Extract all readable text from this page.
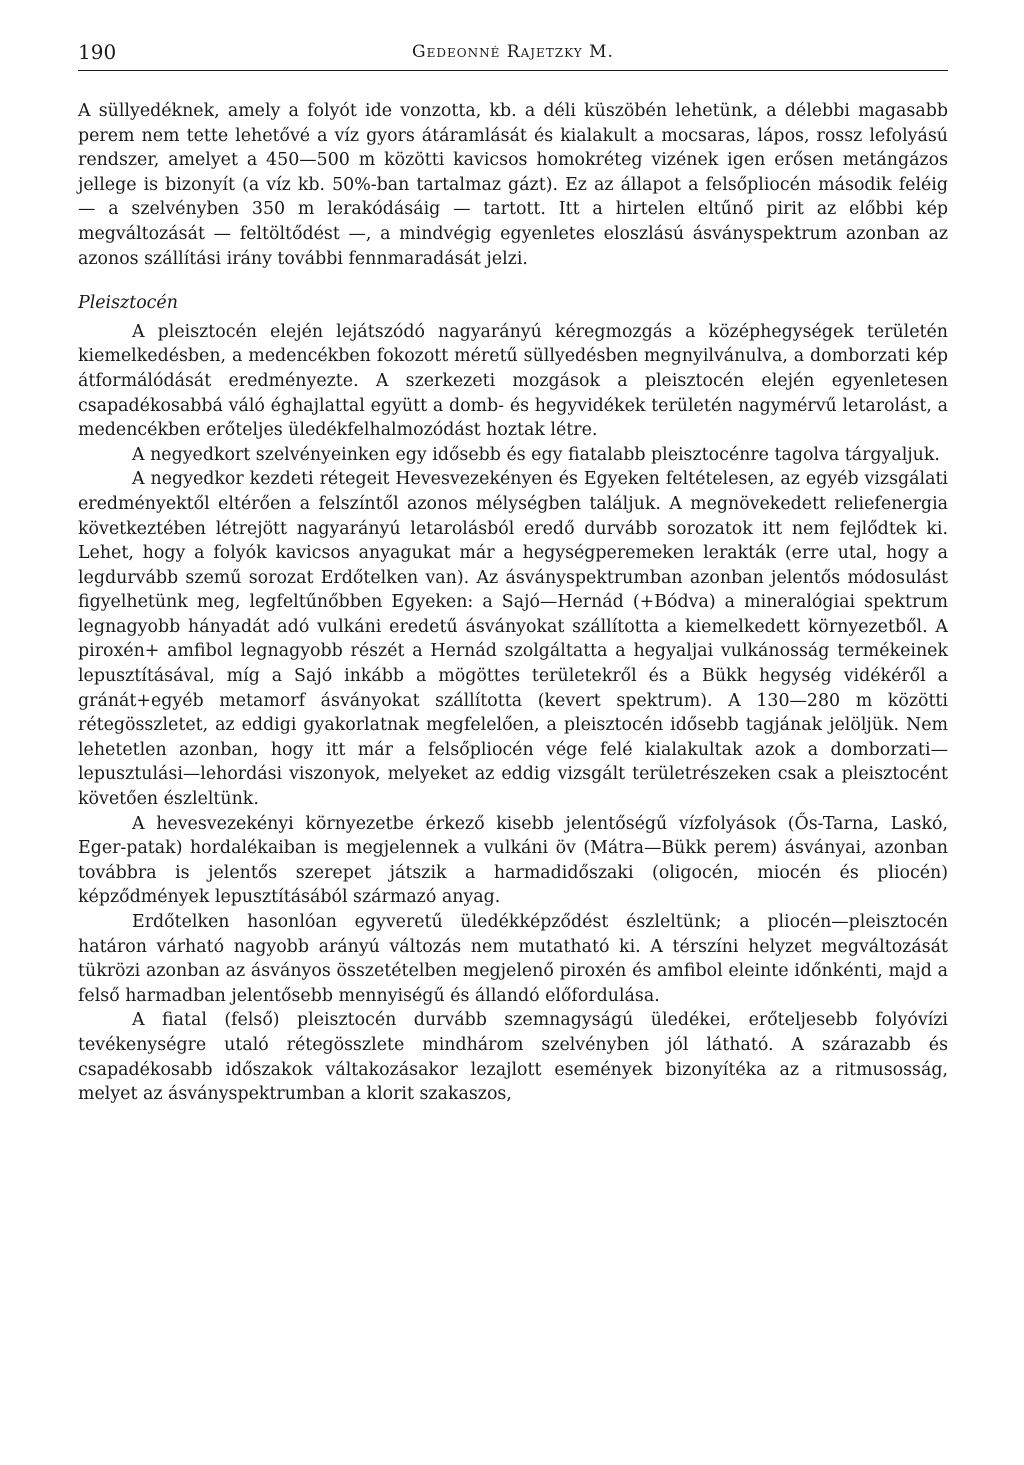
190	Gedeonné Rajetzky M.

A süllyedéknek, amely a folyót ide vonzotta, kb. a déli küszöbén lehetünk, a délebbi magasabb perem nem tette lehetővé a víz gyors átáramlását és kialakult a mocsaras, lápos, rossz lefolyású rendszer, amelyet a 450—500 m közötti kavicsos homokréteg vizének igen erősen metángázos jellege is bizonyít (a víz kb. 50%-ban tartalmaz gázt). Ez az állapot a felsőpliocén második feléig — a szelvényben 350 m lerakódásáig — tartott. Itt a hirtelen eltűnő pirit az előbbi kép megváltozását — feltöltődést —, a mindvégig egyenletes eloszlású ásványspektrum azonban az azonos szállítási irány további fennmaradását jelzi.

Pleisztocén

A pleisztocén elején lejátszódó nagyarányú kéregmozgás a középhegységek területén kiemelkedésben, a medencékben fokozott méretű süllyedésben megnyilvánulva, a domborzati kép átformálódását eredményezte. A szerkezeti mozgások a pleisztocén elején egyenletesen csapadékosabbá váló éghajlattal együtt a domb- és hegyvidékek területén nagymérvű letarolást, a medencékben erőteljes üledékfelhalmozódást hoztak létre.

A negyedkort szelvényeinken egy idősebb és egy fiatalabb pleisztocénre tagolva tárgyaljuk.

A negyedkor kezdeti rétegeit Hevesvezekényen és Egyeken feltételesen, az egyéb vizsgálati eredményektől eltérően a felszíntől azonos mélységben találjuk. A megnövekedett reliefenergia következtében létrejött nagyarányú letarolásból eredő durvább sorozatok itt nem fejlődtek ki. Lehet, hogy a folyók kavicsos anyagukat már a hegységperemeken lerakták (erre utal, hogy a legdurvább szemű sorozat Erdőtelken van). Az ásványspektrumban azonban jelentős módosulást figyelhetünk meg, legfeltűnőbben Egyeken: a Sajó—Hernád (+Bódva) a mineralógiai spektrum legnagyobb hányadát adó vulkáni eredetű ásványokat szállította a kiemelkedett környezetből. A piroxén+ amfibol legnagyobb részét a Hernád szolgáltatta a hegyaljai vulkánosság termékeinek lepusztításával, míg a Sajó inkább a mögöttes területekről és a Bükk hegység vidékéről a gránát+egyéb metamorf ásványokat szállította (kevert spektrum). A 130—280 m közötti rétegösszletet, az eddigi gyakorlatnak megfelelően, a pleisztocén idősebb tagjának jelöljük. Nem lehetetlen azonban, hogy itt már a felsőpliocén vége felé kialakultak azok a domborzati—lepusztulási—lehordási viszonyok, melyeket az eddig vizsgált területrészeken csak a pleisztocént követően észleltünk.

A hevesvezekényi környezetbe érkező kisebb jelentőségű vízfolyások (Ős-Tarna, Laskó, Eger-patak) hordalékaiban is megjelennek a vulkáni öv (Mátra—Bükk perem) ásványai, azonban továbbra is jelentős szerepet játszik a harmadidőszaki (oligocén, miocén és pliocén) képződmények lepusztításából származó anyag.

Erdőtelken hasonlóan egyveretű üledékképződést észleltünk; a pliocén—pleisztocén határon várható nagyobb arányú változás nem mutatható ki. A térszíni helyzet megváltozását tükrözi azonban az ásványos összetételben megjelenő piroxén és amfibol eleinte időnkénti, majd a felső harmadban jelentősebb mennyiségű és állandó előfordulása.

A fiatal (felső) pleisztocén durvább szemnagyságú üledékei, erőteljesebb folyóvízi tevékenységre utaló rétegösszlete mindhárom szelvényben jól látható. A szárazabb és csapadékosabb időszakok váltakozásakor lezajlott események bizonyítéka az a ritmusosság, melyet az ásványspektrumban a klorit szakaszos,
